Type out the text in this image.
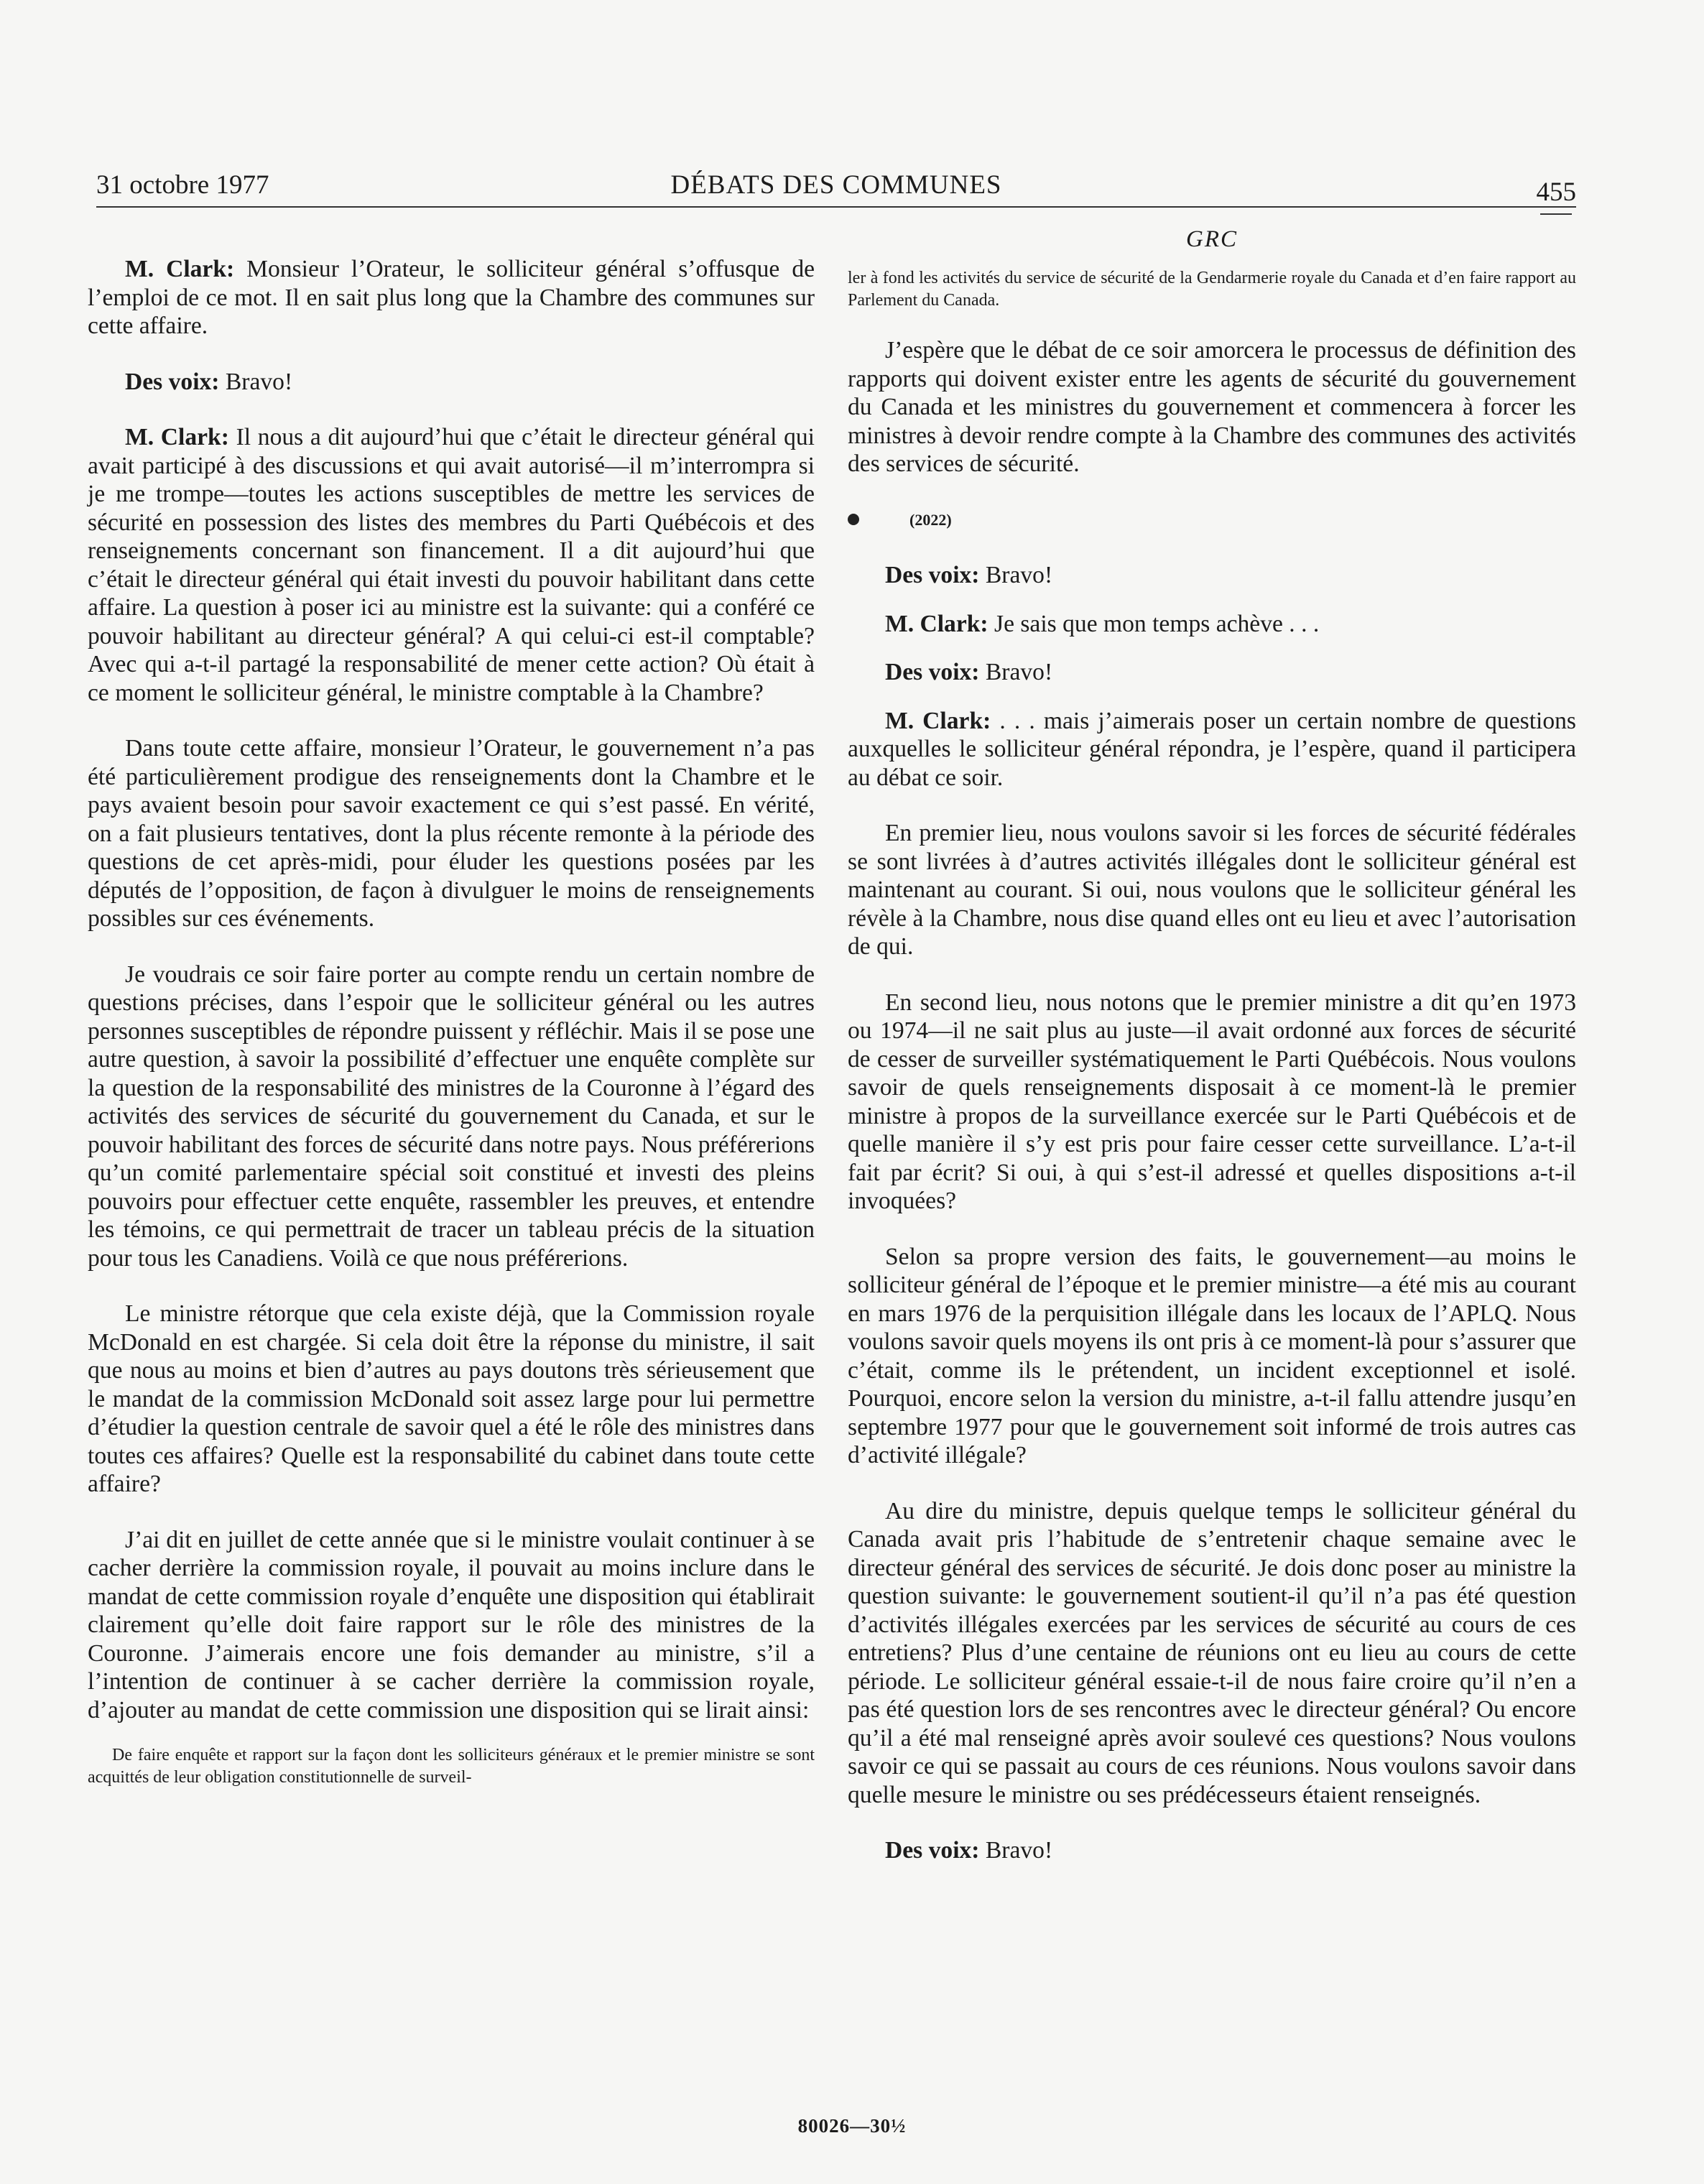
31 octobre 1977	DÉBATS DES COMMUNES	455
GRC

M. Clark: Monsieur l’Orateur, le solliciteur général s’offusque de l’emploi de ce mot. Il en sait plus long que la Chambre des communes sur cette affaire.

Des voix: Bravo!

M. Clark: Il nous a dit aujourd’hui que c’était le directeur général qui avait participé à des discussions et qui avait autorisé—il m’interrompra si je me trompe—toutes les actions susceptibles de mettre les services de sécurité en possession des listes des membres du Parti Québécois et des renseignements concernant son financement. Il a dit aujourd’hui que c’était le directeur général qui était investi du pouvoir habilitant dans cette affaire. La question à poser ici au ministre est la suivante: qui a conféré ce pouvoir habilitant au directeur général? A qui celui-ci est-il comptable? Avec qui a-t-il partagé la responsabilité de mener cette action? Où était à ce moment le solliciteur général, le ministre comptable à la Chambre?

Dans toute cette affaire, monsieur l’Orateur, le gouvernement n’a pas été particulièrement prodigue des renseignements dont la Chambre et le pays avaient besoin pour savoir exactement ce qui s’est passé. En vérité, on a fait plusieurs tentatives, dont la plus récente remonte à la période des questions de cet après-midi, pour éluder les questions posées par les députés de l’opposition, de façon à divulguer le moins de renseignements possibles sur ces événements.

Je voudrais ce soir faire porter au compte rendu un certain nombre de questions précises, dans l’espoir que le solliciteur général ou les autres personnes susceptibles de répondre puissent y réfléchir. Mais il se pose une autre question, à savoir la possibilité d’effectuer une enquête complète sur la question de la responsabilité des ministres de la Couronne à l’égard des activités des services de sécurité du gouvernement du Canada, et sur le pouvoir habilitant des forces de sécurité dans notre pays. Nous préférerions qu’un comité parlementaire spécial soit constitué et investi des pleins pouvoirs pour effectuer cette enquête, rassembler les preuves, et entendre les témoins, ce qui permettrait de tracer un tableau précis de la situation pour tous les Canadiens. Voilà ce que nous préférerions.

Le ministre rétorque que cela existe déjà, que la Commission royale McDonald en est chargée. Si cela doit être la réponse du ministre, il sait que nous au moins et bien d’autres au pays doutons très sérieusement que le mandat de la commission McDonald soit assez large pour lui permettre d’étudier la question centrale de savoir quel a été le rôle des ministres dans toutes ces affaires? Quelle est la responsabilité du cabinet dans toute cette affaire?

J’ai dit en juillet de cette année que si le ministre voulait continuer à se cacher derrière la commission royale, il pouvait au moins inclure dans le mandat de cette commission royale d’enquête une disposition qui établirait clairement qu’elle doit faire rapport sur le rôle des ministres de la Couronne. J’aimerais encore une fois demander au ministre, s’il a l’intention de continuer à se cacher derrière la commission royale, d’ajouter au mandat de cette commission une disposition qui se lirait ainsi:

De faire enquête et rapport sur la façon dont les solliciteurs généraux et le premier ministre se sont acquittés de leur obligation constitutionnelle de surveil-

ler à fond les activités du service de sécurité de la Gendarmerie royale du Canada et d’en faire rapport au Parlement du Canada.

J’espère que le débat de ce soir amorcera le processus de définition des rapports qui doivent exister entre les agents de sécurité du gouvernement du Canada et les ministres du gouvernement et commencera à forcer les ministres à devoir rendre compte à la Chambre des communes des activités des services de sécurité.

(2022)

Des voix: Bravo!

M. Clark: Je sais que mon temps achève . . .

Des voix: Bravo!

M. Clark: . . . mais j’aimerais poser un certain nombre de questions auxquelles le solliciteur général répondra, je l’espère, quand il participera au débat ce soir.

En premier lieu, nous voulons savoir si les forces de sécurité fédérales se sont livrées à d’autres activités illégales dont le solliciteur général est maintenant au courant. Si oui, nous voulons que le solliciteur général les révèle à la Chambre, nous dise quand elles ont eu lieu et avec l’autorisation de qui.

En second lieu, nous notons que le premier ministre a dit qu’en 1973 ou 1974—il ne sait plus au juste—il avait ordonné aux forces de sécurité de cesser de surveiller systématiquement le Parti Québécois. Nous voulons savoir de quels renseignements disposait à ce moment-là le premier ministre à propos de la surveillance exercée sur le Parti Québécois et de quelle manière il s’y est pris pour faire cesser cette surveillance. L’a-t-il fait par écrit? Si oui, à qui s’est-il adressé et quelles dispositions a-t-il invoquées?

Selon sa propre version des faits, le gouvernement—au moins le solliciteur général de l’époque et le premier ministre—a été mis au courant en mars 1976 de la perquisition illégale dans les locaux de l’APLQ. Nous voulons savoir quels moyens ils ont pris à ce moment-là pour s’assurer que c’était, comme ils le prétendent, un incident exceptionnel et isolé. Pourquoi, encore selon la version du ministre, a-t-il fallu attendre jusqu’en septembre 1977 pour que le gouvernement soit informé de trois autres cas d’activité illégale?

Au dire du ministre, depuis quelque temps le solliciteur général du Canada avait pris l’habitude de s’entretenir chaque semaine avec le directeur général des services de sécurité. Je dois donc poser au ministre la question suivante: le gouvernement soutient-il qu’il n’a pas été question d’activités illégales exercées par les services de sécurité au cours de ces entretiens? Plus d’une centaine de réunions ont eu lieu au cours de cette période. Le solliciteur général essaie-t-il de nous faire croire qu’il n’en a pas été question lors de ses rencontres avec le directeur général? Ou encore qu’il a été mal renseigné après avoir soulevé ces questions? Nous voulons savoir ce qui se passait au cours de ces réunions. Nous voulons savoir dans quelle mesure le ministre ou ses prédécesseurs étaient renseignés.

Des voix: Bravo!

80026—30½
